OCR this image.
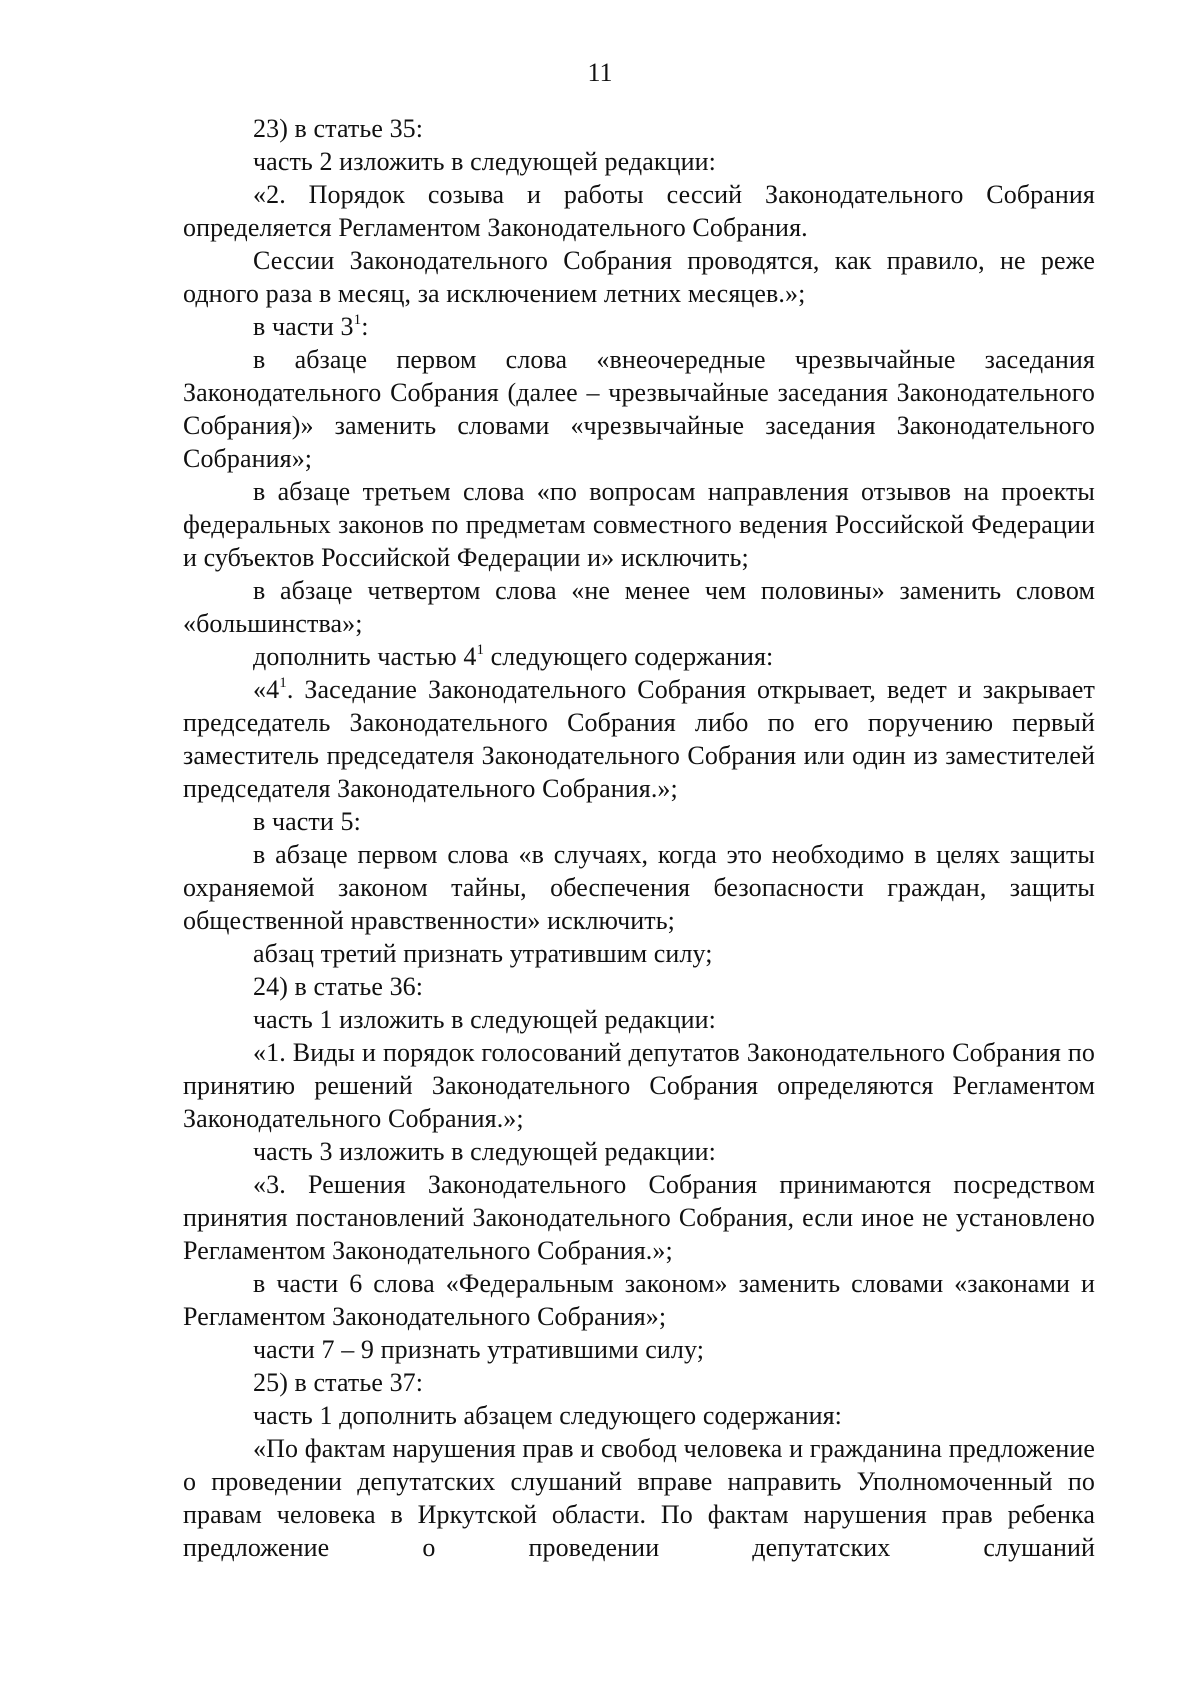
11

23) в статье 35:

часть 2 изложить в следующей редакции:

«2. Порядок созыва и работы сессий Законодательного Собрания определяется Регламентом Законодательного Собрания.

Сессии Законодательного Собрания проводятся, как правило, не реже одного раза в месяц, за исключением летних месяцев.»;

в части $3^1$:

в абзаце первом слова «внеочередные чрезвычайные заседания Законодательного Собрания (далее – чрезвычайные заседания Законодательного Собрания)» заменить словами «чрезвычайные заседания Законодательного Собрания»;

в абзаце третьем слова «по вопросам направления отзывов на проекты федеральных законов по предметам совместного ведения Российской Федерации и субъектов Российской Федерации и» исключить;

в абзаце четвертом слова «не менее чем половины» заменить словом «большинства»;

дополнить частью $4^1$ следующего содержания:

«$4^1$. Заседание Законодательного Собрания открывает, ведет и закрывает председатель Законодательного Собрания либо по его поручению первый заместитель председателя Законодательного Собрания или один из заместителей председателя Законодательного Собрания.»;

в части 5:

в абзаце первом слова «в случаях, когда это необходимо в целях защиты охраняемой законом тайны, обеспечения безопасности граждан, защиты общественной нравственности» исключить;

абзац третий признать утратившим силу;

24) в статье 36:

часть 1 изложить в следующей редакции:

«1. Виды и порядок голосований депутатов Законодательного Собрания по принятию решений Законодательного Собрания определяются Регламентом Законодательного Собрания.»;

часть 3 изложить в следующей редакции:

«3. Решения Законодательного Собрания принимаются посредством принятия постановлений Законодательного Собрания, если иное не установлено Регламентом Законодательного Собрания.»;

в части 6 слова «Федеральным законом» заменить словами «законами и Регламентом Законодательного Собрания»;

части 7 – 9 признать утратившими силу;

25) в статье 37:

часть 1 дополнить абзацем следующего содержания:

«По фактам нарушения прав и свобод человека и гражданина предложение о проведении депутатских слушаний вправе направить Уполномоченный по правам человека в Иркутской области. По фактам нарушения прав ребенка предложение о проведении депутатских слушаний
